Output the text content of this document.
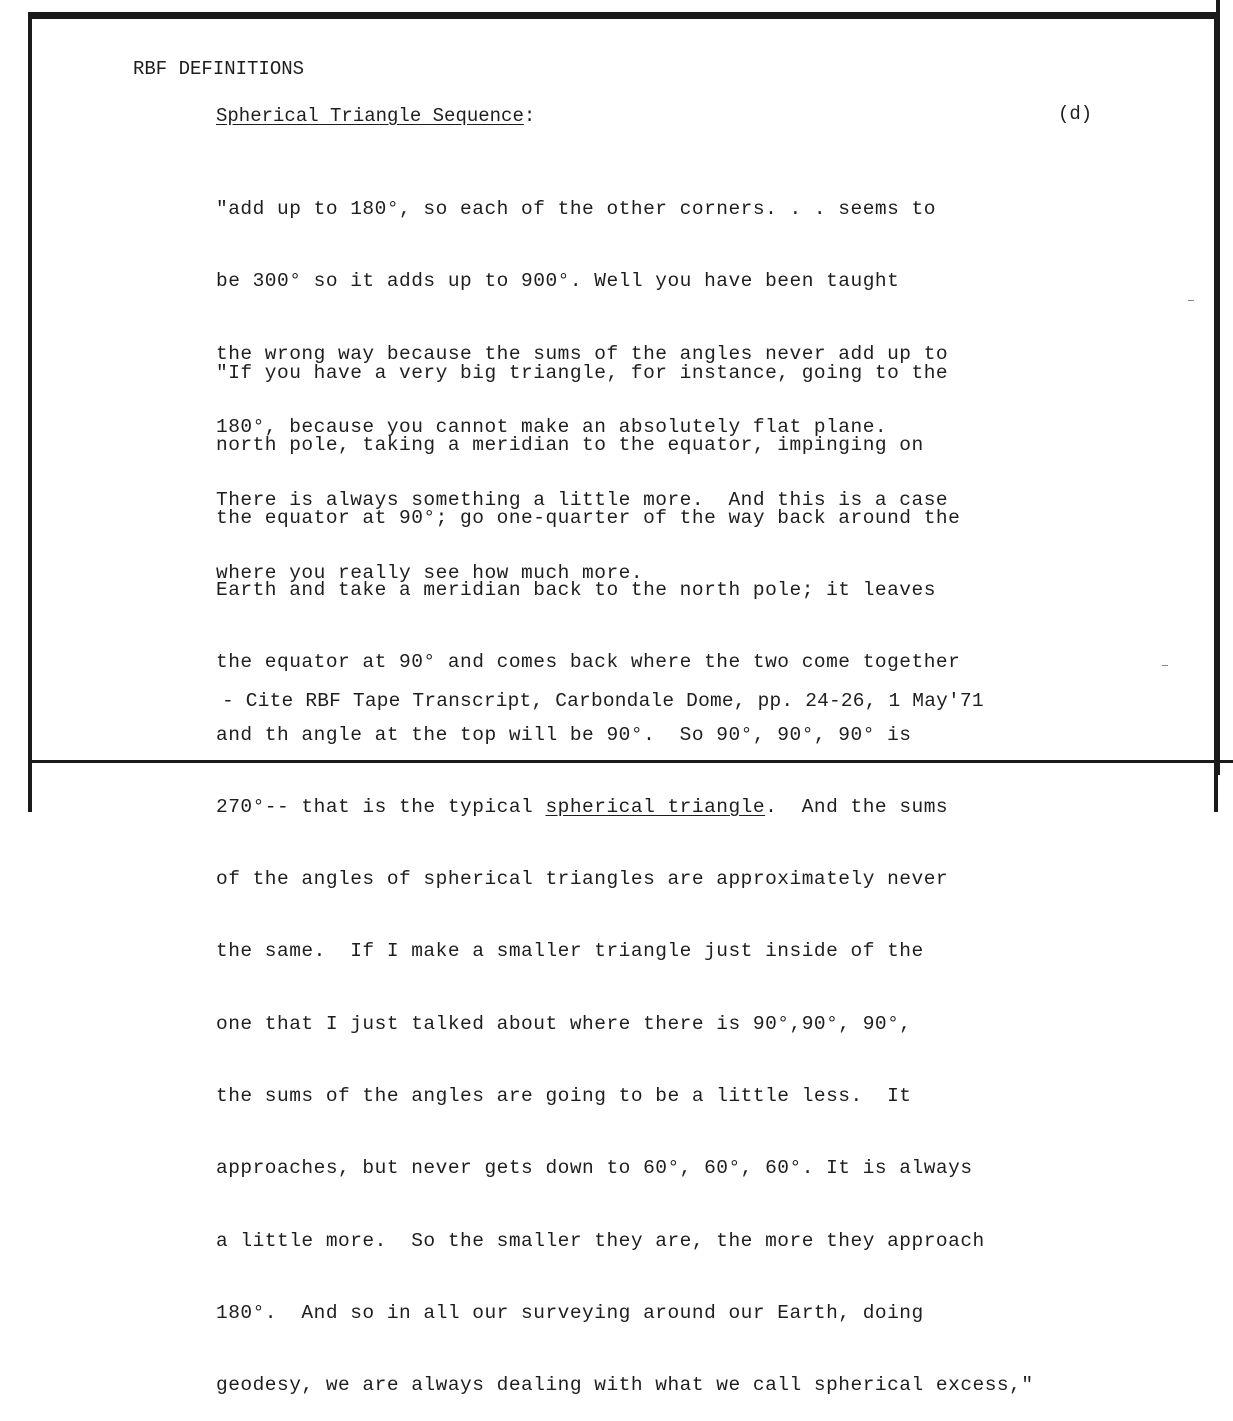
RBF DEFINITIONS
Spherical Triangle Sequence:	(d)

"add up to 180°, so each of the other corners. . . seems to

be 300° so it adds up to 900°. Well you have been taught

the wrong way because the sums of the angles never add up to

180°, because you cannot make an absolutely flat plane.

There is always something a little more.  And this is a case

where you really see how much more.

"If you have a very big triangle, for instance, going to the

north pole, taking a meridian to the equator, impinging on

the equator at 90°; go one-quarter of the way back around the

Earth and take a meridian back to the north pole; it leaves

the equator at 90° and comes back where the two come together

and th angle at the top will be 90°.  So 90°, 90°, 90° is

270°-- that is the typical spherical triangle.  And the sums

of the angles of spherical triangles are approximately never

the same.  If I make a smaller triangle just inside of the

one that I just talked about where there is 90°,90°, 90°,

the sums of the angles are going to be a little less.  It

approaches, but never gets down to 60°, 60°, 60°. It is always

a little more.  So the smaller they are, the more they approach

180°.  And so in all our surveying around our Earth, doing

geodesy, we are always dealing with what we call spherical excess,"

- Cite RBF Tape Transcript, Carbondale Dome, pp. 24-26, 1 May'71
